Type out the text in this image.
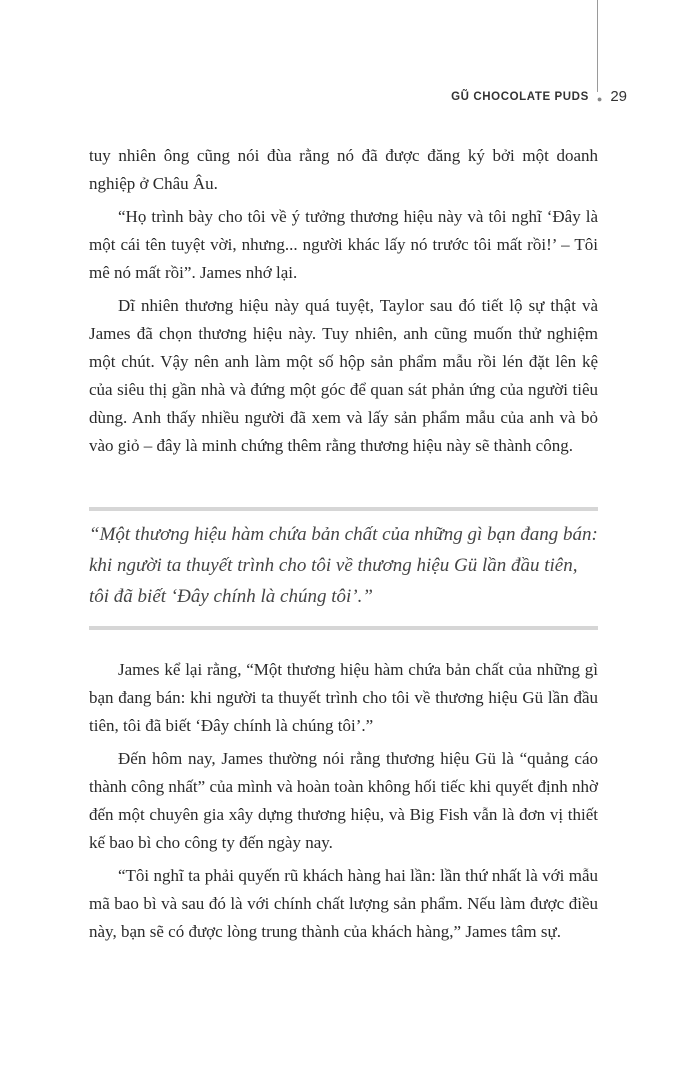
GŨ CHOCOLATE PUDS ● 29

tuy nhiên ông cũng nói đùa rằng nó đã được đăng ký bởi một doanh nghiệp ở Châu Âu.

“Họ trình bày cho tôi về ý tưởng thương hiệu này và tôi nghĩ ‘Đây là một cái tên tuyệt vời, nhưng... người khác lấy nó trước tôi mất rồi!’ – Tôi mê nó mất rồi”. James nhớ lại.

Dĩ nhiên thương hiệu này quá tuyệt, Taylor sau đó tiết lộ sự thật và James đã chọn thương hiệu này. Tuy nhiên, anh cũng muốn thử nghiệm một chút. Vậy nên anh làm một số hộp sản phẩm mẫu rồi lén đặt lên kệ của siêu thị gần nhà và đứng một góc để quan sát phản ứng của người tiêu dùng. Anh thấy nhiều người đã xem và lấy sản phẩm mẫu của anh và bỏ vào giỏ – đây là minh chứng thêm rằng thương hiệu này sẽ thành công.

“Một thương hiệu hàm chứa bản chất của những gì bạn đang bán: khi người ta thuyết trình cho tôi về thương hiệu Gü lần đầu tiên, tôi đã biết ‘Đây chính là chúng tôi’.”

James kể lại rằng, “Một thương hiệu hàm chứa bản chất của những gì bạn đang bán: khi người ta thuyết trình cho tôi về thương hiệu Gü lần đầu tiên, tôi đã biết ‘Đây chính là chúng tôi’.”

Đến hôm nay, James thường nói rằng thương hiệu Gü là “quảng cáo thành công nhất” của mình và hoàn toàn không hối tiếc khi quyết định nhờ đến một chuyên gia xây dựng thương hiệu, và Big Fish vẫn là đơn vị thiết kế bao bì cho công ty đến ngày nay.

“Tôi nghĩ ta phải quyến rũ khách hàng hai lần: lần thứ nhất là với mẫu mã bao bì và sau đó là với chính chất lượng sản phẩm. Nếu làm được điều này, bạn sẽ có được lòng trung thành của khách hàng,” James tâm sự.
